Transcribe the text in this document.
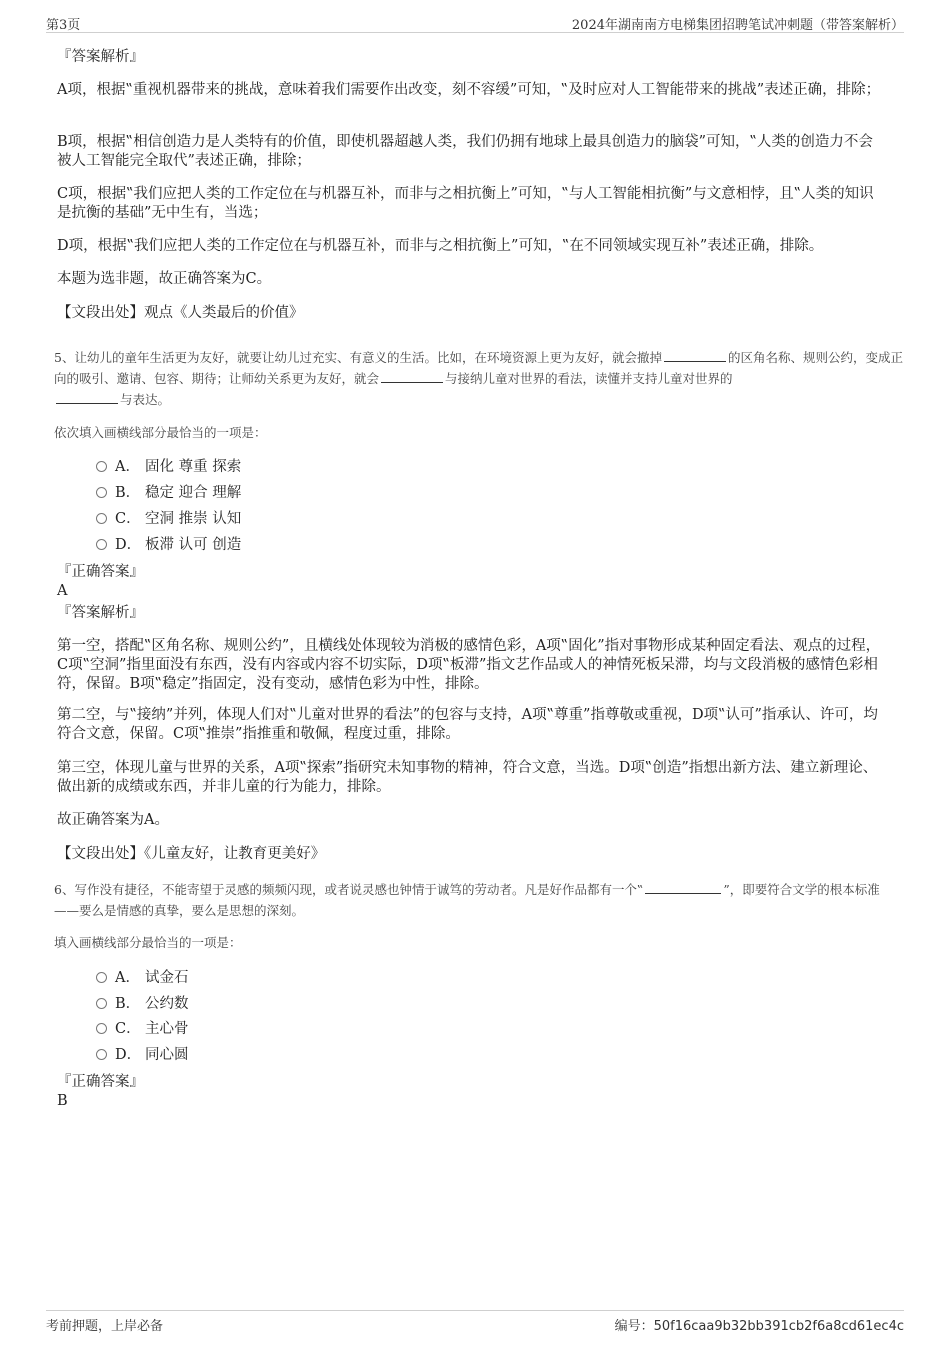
第3页	2024年湖南南方电梯集团招聘笔试冲刺题（带答案解析）
『答案解析』
A项，根据‟重视机器带来的挑战，意味着我们需要作出改变，刻不容缓”可知，‟及时应对人工智能带来的挑战”表述正确，排除；
B项，根据‟相信创造力是人类特有的价值，即使机器超越人类，我们仍拥有地球上最具创造力的脑袋”可知，‟人类的创造力不会被人工智能完全取代”表述正确，排除；
C项，根据‟我们应把人类的工作定位在与机器互补，而非与之相抗衡上”可知，‟与人工智能相抗衡”与文意相悖，且‟人类的知识是抗衡的基础”无中生有，当选；
D项，根据‟我们应把人类的工作定位在与机器互补，而非与之相抗衡上”可知，‟在不同领域实现互补”表述正确，排除。
本题为选非题，故正确答案为C。
【文段出处】观点《人类最后的价值》
5、让幼儿的童年生活更为友好，就要让幼儿过充实、有意义的生活。比如，在环境资源上更为友好，就会撤掉	的区角名称、规则公约，变成正向的吸引、邀请、包容、期待；让师幼关系更为友好，就会	与接纳儿童对世界的看法，读懂并支持儿童对世界的
与表达。
依次填入画横线部分最恰当的一项是：
A． 固化 尊重 探索
B． 稳定 迎合 理解
C． 空洞 推崇 认知
D． 板滞 认可 创造
『正确答案』
A
『答案解析』
第一空，搭配‟区角名称、规则公约”，且横线处体现较为消极的感情色彩，A项‟固化”指对事物形成某种固定看法、观点的过程，C项‟空洞”指里面没有东西，没有内容或内容不切实际，D项‟板滞”指文艺作品或人的神情死板呆滞，均与文段消极的感情色彩相符，保留。B项‟稳定”指固定，没有变动，感情色彩为中性，排除。
第二空，与‟接纳”并列，体现人们对‟儿童对世界的看法”的包容与支持，A项‟尊重”指尊敬或重视，D项‟认可”指承认、许可，均符合文意，保留。C项‟推崇”指推重和敬佩，程度过重，排除。
第三空，体现儿童与世界的关系，A项‟探索”指研究未知事物的精神，符合文意，当选。D项‟创造”指想出新方法、建立新理论、做出新的成绩或东西，并非儿童的行为能力，排除。
故正确答案为A。
【文段出处】《儿童友好，让教育更美好》
6、写作没有捷径，不能寄望于灵感的频频闪现，或者说灵感也钟情于诚笃的劳动者。凡是好作品都有一个‟	”，即要符合文学的根本标准——要么是情感的真挚，要么是思想的深刻。
填入画横线部分最恰当的一项是：
A． 试金石
B． 公约数
C． 主心骨
D． 同心圆
『正确答案』
B
考前押题，上岸必备	编号：50f16caa9b32bb391cb2f6a8cd61ec4c
